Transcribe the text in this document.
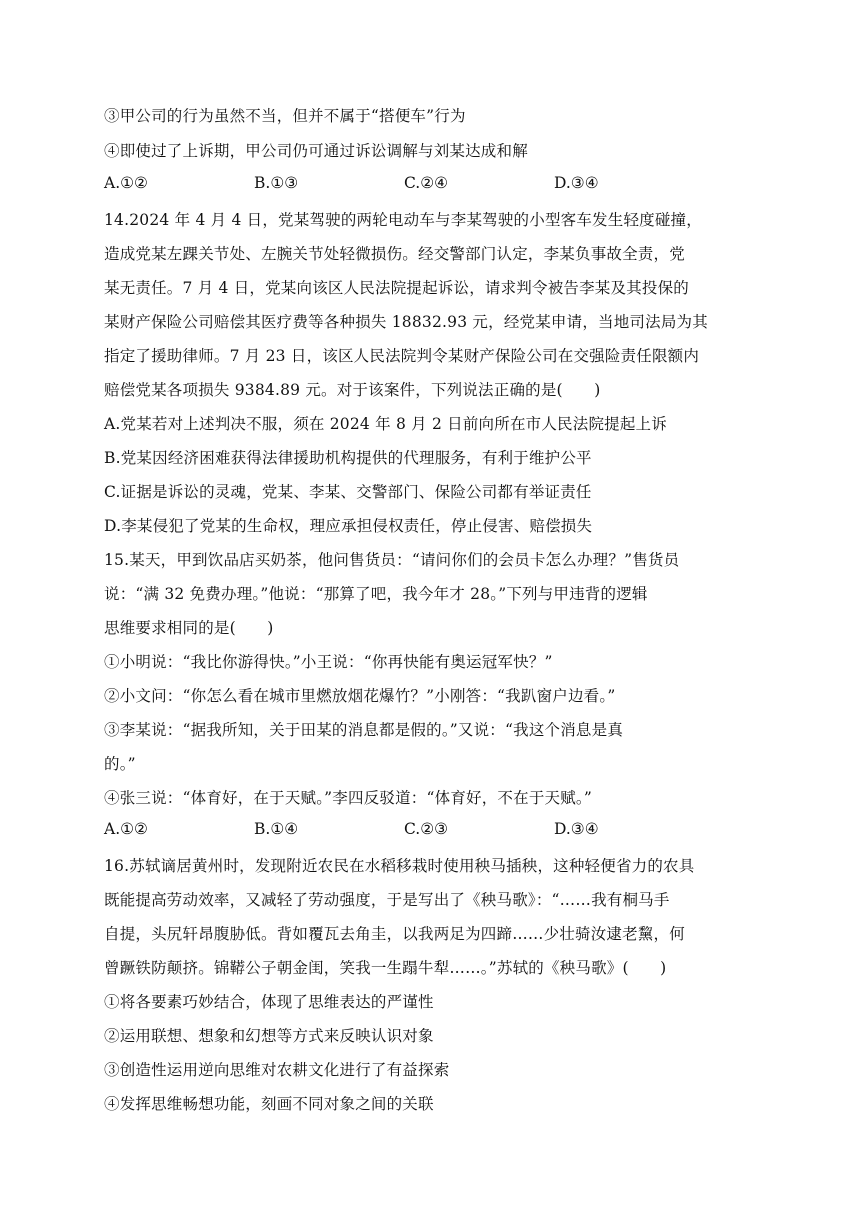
③甲公司的行为虽然不当，但并不属于“搭便车”行为
④即使过了上诉期，甲公司仍可通过诉讼调解与刘某达成和解
A.①②	B.①③	C.②④	D.③④
14.2024 年 4 月 4 日，党某驾驶的两轮电动车与李某驾驶的小型客车发生轻度碰撞，
造成党某左踝关节处、左腕关节处轻微损伤。经交警部门认定，李某负事故全责，党
某无责任。7 月 4 日，党某向该区人民法院提起诉讼，请求判令被告李某及其投保的
某财产保险公司赔偿其医疗费等各种损失 18832.93 元，经党某申请，当地司法局为其
指定了援助律师。7 月 23 日，该区人民法院判令某财产保险公司在交强险责任限额内
赔偿党某各项损失 9384.89 元。对于该案件，下列说法正确的是(　　)
A.党某若对上述判决不服，须在 2024 年 8 月 2 日前向所在市人民法院提起上诉
B.党某因经济困难获得法律援助机构提供的代理服务，有利于维护公平
C.证据是诉讼的灵魂，党某、李某、交警部门、保险公司都有举证责任
D.李某侵犯了党某的生命权，理应承担侵权责任，停止侵害、赔偿损失
15.某天，甲到饮品店买奶茶，他问售货员：“请问你们的会员卡怎么办理？”售货员
说：“满 32 免费办理。”他说：“那算了吧，我今年才 28。”下列与甲违背的逻辑
思维要求相同的是(　　)
①小明说：“我比你游得快。”小王说：“你再快能有奥运冠军快？”
②小文问：“你怎么看在城市里燃放烟花爆竹？”小刚答：“我趴窗户边看。”
③李某说：“据我所知，关于田某的消息都是假的。”又说：“我这个消息是真
的。”
④张三说：“体育好，在于天赋。”李四反驳道：“体育好，不在于天赋。”
A.①②	B.①④	C.②③	D.③④
16.苏轼谪居黄州时，发现附近农民在水稻移栽时使用秧马插秧，这种轻便省力的农具
既能提高劳动效率，又减轻了劳动强度，于是写出了《秧马歌》：“……我有桐马手
自提，头尻轩昂腹胁低。背如覆瓦去角圭，以我两足为四蹄……少壮骑汝逮老黧，何
曾蹶铁防颠挤。锦鞯公子朝金闺，笑我一生蹋牛犁……。”苏轼的《秧马歌》(　　)
①将各要素巧妙结合，体现了思维表达的严谨性
②运用联想、想象和幻想等方式来反映认识对象
③创造性运用逆向思维对农耕文化进行了有益探索
④发挥思维畅想功能，刻画不同对象之间的关联
